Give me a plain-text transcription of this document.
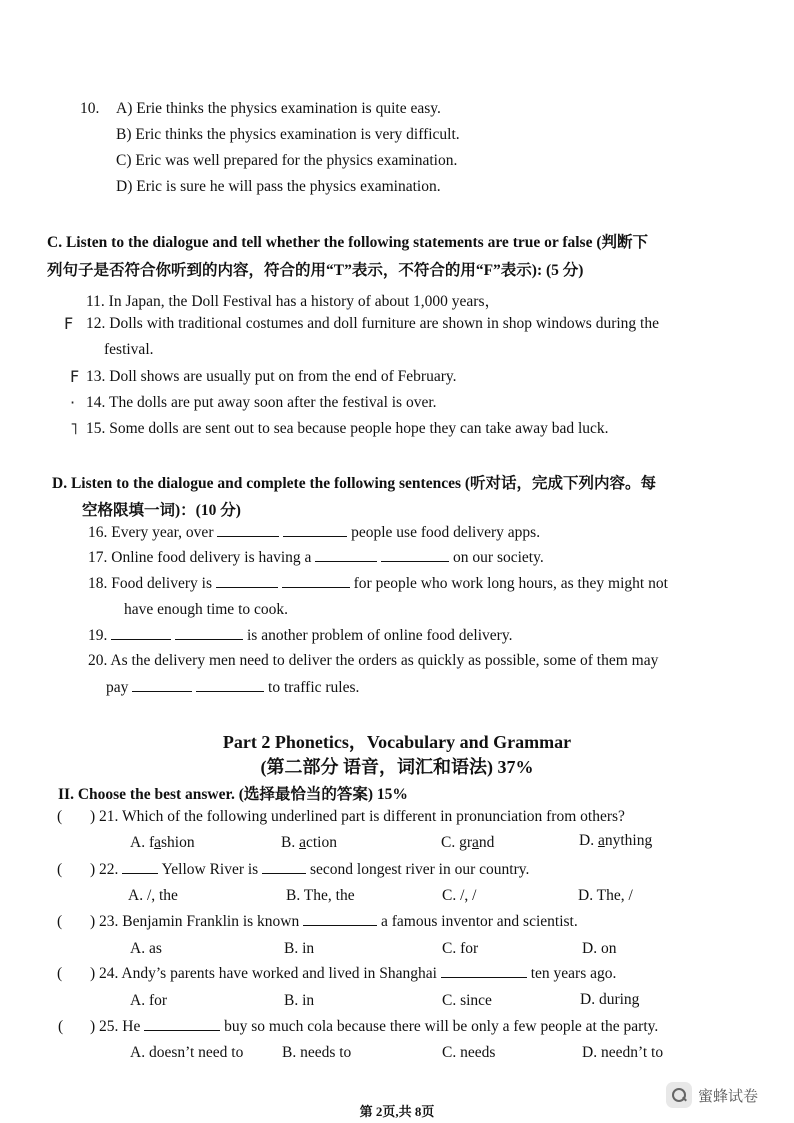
10. A) Erie thinks the physics examination is quite easy.
B) Eric thinks the physics examination is very difficult.
C) Eric was well prepared for the physics examination.
D) Eric is sure he will pass the physics examination.
C. Listen to the dialogue and tell whether the following statements are true or false (判断下
列句子是否符合你听到的内容，符合的用“T”表示，不符合的用“F”表示): (5 分)
11. In Japan, the Doll Festival has a history of about 1,000 years，
F 12. Dolls with traditional costumes and doll furniture are shown in shop windows during the
festival.
F 13. Doll shows are usually put on from the end of February.
· 14. The dolls are put away soon after the festival is over.
˥ 15. Some dolls are sent out to sea because people hope they can take away bad luck.
D. Listen to the dialogue and complete the following sentences (听对话，完成下列内容。每
空格限填一词)：(10 分)
16. Every year, over	people use food delivery apps.
17. Online food delivery is having a	on our society.
18. Food delivery is	for people who work long hours, as they might not
have enough time to cook.
19.	is another problem of online food delivery.
20. As the delivery men need to deliver the orders as quickly as possible, some of them may
pay	to traffic rules.
Part 2 Phonetics，Vocabulary and Grammar
(第二部分 语音，词汇和语法) 37%
II. Choose the best answer. (选择最恰当的答案) 15%
( ) 21. Which of the following underlined part is different in pronunciation from others?
A. fashion	B. action	C. grand	D. anything
( ) 22.	Yellow River is	second longest river in our country.
A. /, the	B. The, the	C. /, /	D. The, /
( ) 23. Benjamin Franklin is known	a famous inventor and scientist.
A. as	B. in	C. for	D. on
( ) 24. Andy’s parents have worked and lived in Shanghai	ten years ago.
A. for	B. in	C. since	D. during
( ) 25. He	buy so much cola because there will be only a few people at the party.
A. doesn’t need to B. needs to	C. needs	D. needn’t to
第 2页,共 8页
蜜蜂试卷
